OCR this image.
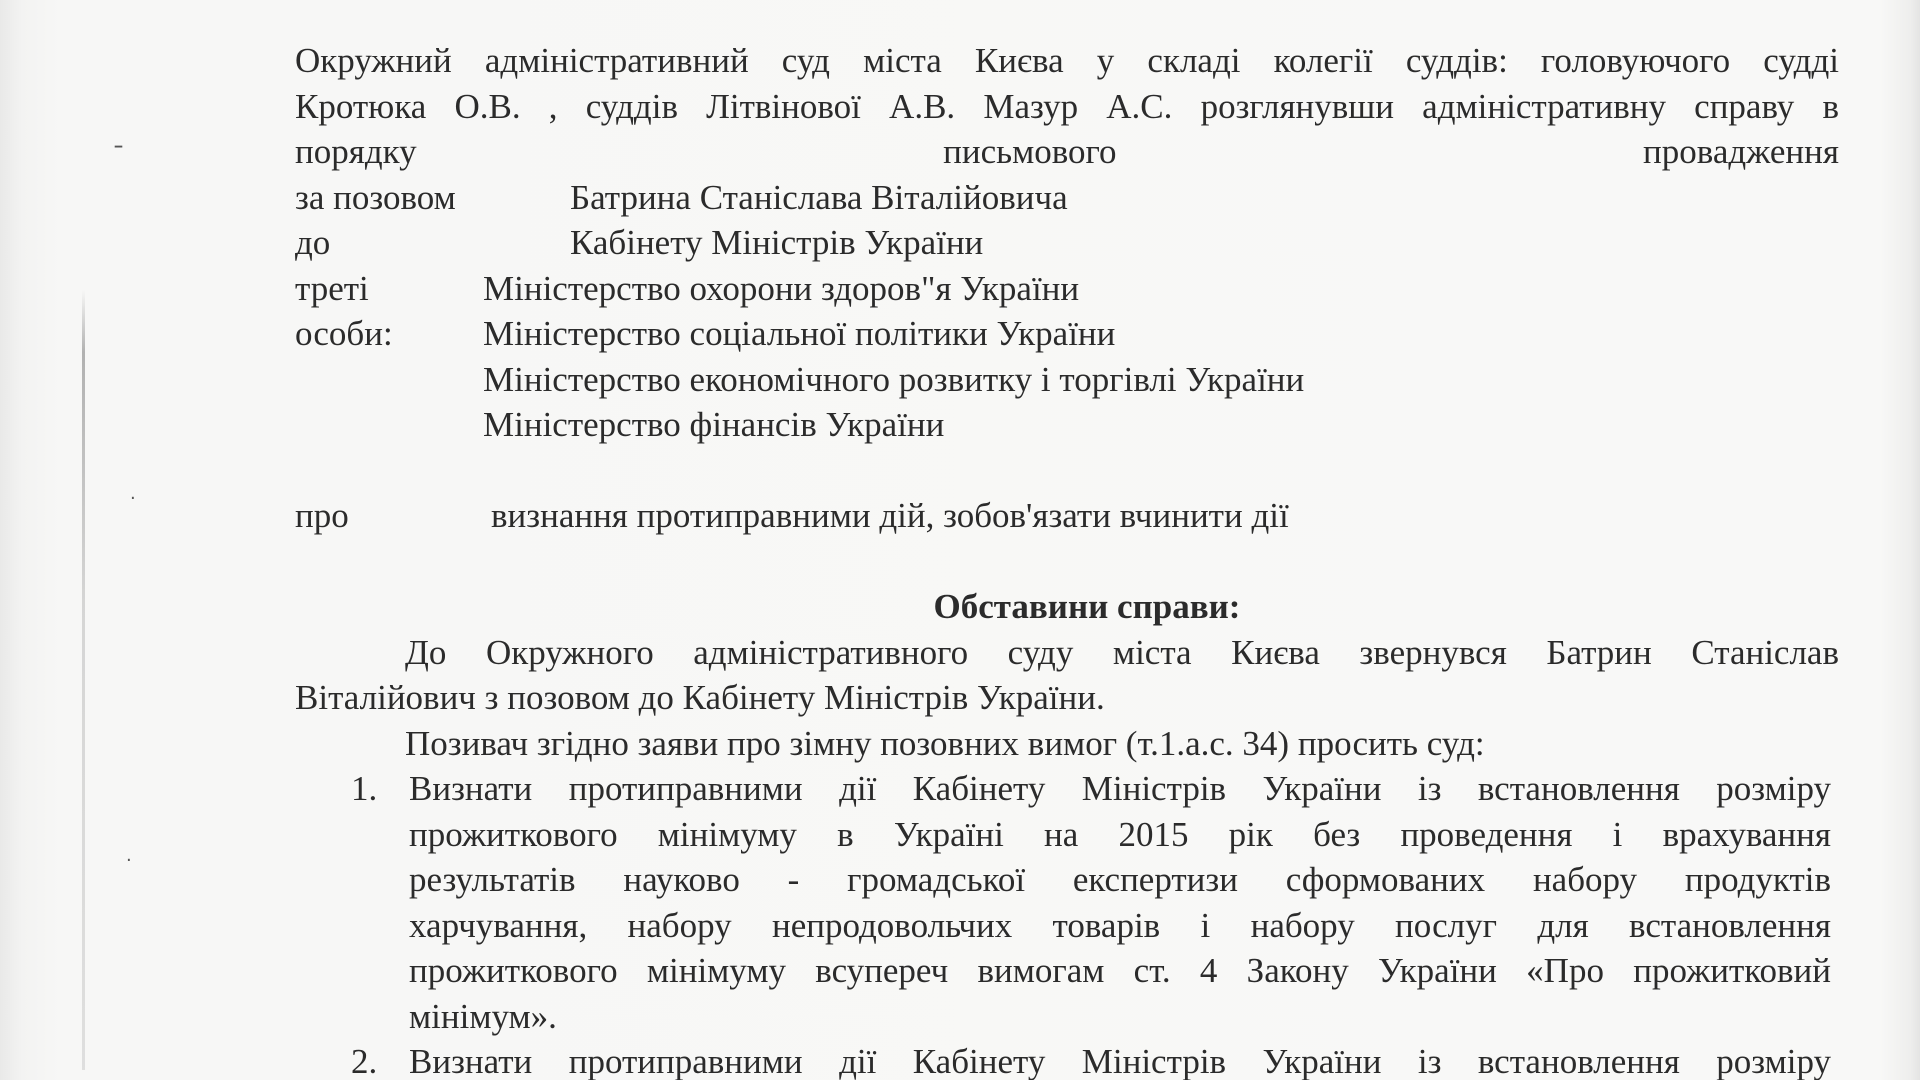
ˉ
·
·
Окружний адміністративний суд міста Києва у складі колегії суддів: головуючого судді
Кротюка О.В. , суддів Літвінової А.В. Мазур А.С. розглянувши адміністративну справу в
порядку письмового провадження
за позовом	Батрина Станіслава Віталійовича
до	Кабінету Міністрів України
треті	Міністерство охорони здоров"я України
особи:	Міністерство соціальної політики України
Міністерство економічного розвитку і торгівлі України
Міністерство фінансів України
про	визнання протиправними дій, зобов'язати вчинити дії
Обставини справи:
До Окружного адміністративного суду міста Києва звернувся Батрин Станіслав
Віталійович з позовом до Кабінету Міністрів України.
Позивач згідно заяви про зімну позовних вимог (т.1.а.с. 34) просить суд:
1. Визнати протиправними дії Кабінету Міністрів України із встановлення розміру
прожиткового мінімуму в Україні на 2015 рік без проведення і врахування
результатів науково - громадської експертизи сформованих набору продуктів
харчування, набору непродовольчих товарів і набору послуг для встановлення
прожиткового мінімуму всупереч вимогам ст. 4 Закону України «Про прожитковий
мінімум».
2. Визнати протиправними дії Кабінету Міністрів України із встановлення розміру
